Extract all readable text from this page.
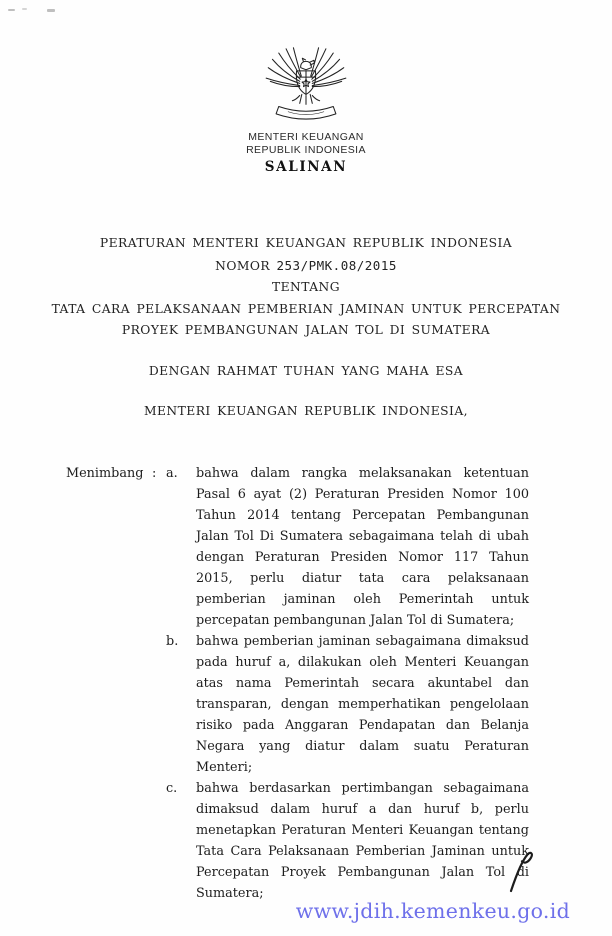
MENTERI KEUANGAN
REPUBLIK INDONESIA
SALINAN
PERATURAN MENTERI KEUANGAN REPUBLIK INDONESIA
NOMOR 253/PMK.08/2015
TENTANG
TATA CARA PELAKSANAAN PEMBERIAN JAMINAN UNTUK PERCEPATAN
PROYEK PEMBANGUNAN JALAN TOL DI SUMATERA
DENGAN RAHMAT TUHAN YANG MAHA ESA
MENTERI KEUANGAN REPUBLIK INDONESIA,
Menimbang : a.	bahwa dalam rangka melaksanakan ketentuan Pasal 6 ayat (2) Peraturan Presiden Nomor 100 Tahun 2014 tentang Percepatan Pembangunan Jalan Tol Di Sumatera sebagaimana telah di ubah dengan Peraturan Presiden Nomor 117 Tahun 2015, perlu diatur tata cara pelaksanaan pemberian jaminan oleh Pemerintah untuk percepatan pembangunan Jalan Tol di Sumatera;

b.	bahwa pemberian jaminan sebagaimana dimaksud pada huruf a, dilakukan oleh Menteri Keuangan atas nama Pemerintah secara akuntabel dan transparan, dengan memperhatikan pengelolaan risiko pada Anggaran Pendapatan dan Belanja Negara yang diatur dalam suatu Peraturan Menteri;

c.	bahwa berdasarkan pertimbangan sebagaimana dimaksud dalam huruf a dan huruf b, perlu menetapkan Peraturan Menteri Keuangan tentang Tata Cara Pelaksanaan Pemberian Jaminan untuk Percepatan Proyek Pembangunan Jalan Tol di Sumatera;

www.jdih.kemenkeu.go.id
